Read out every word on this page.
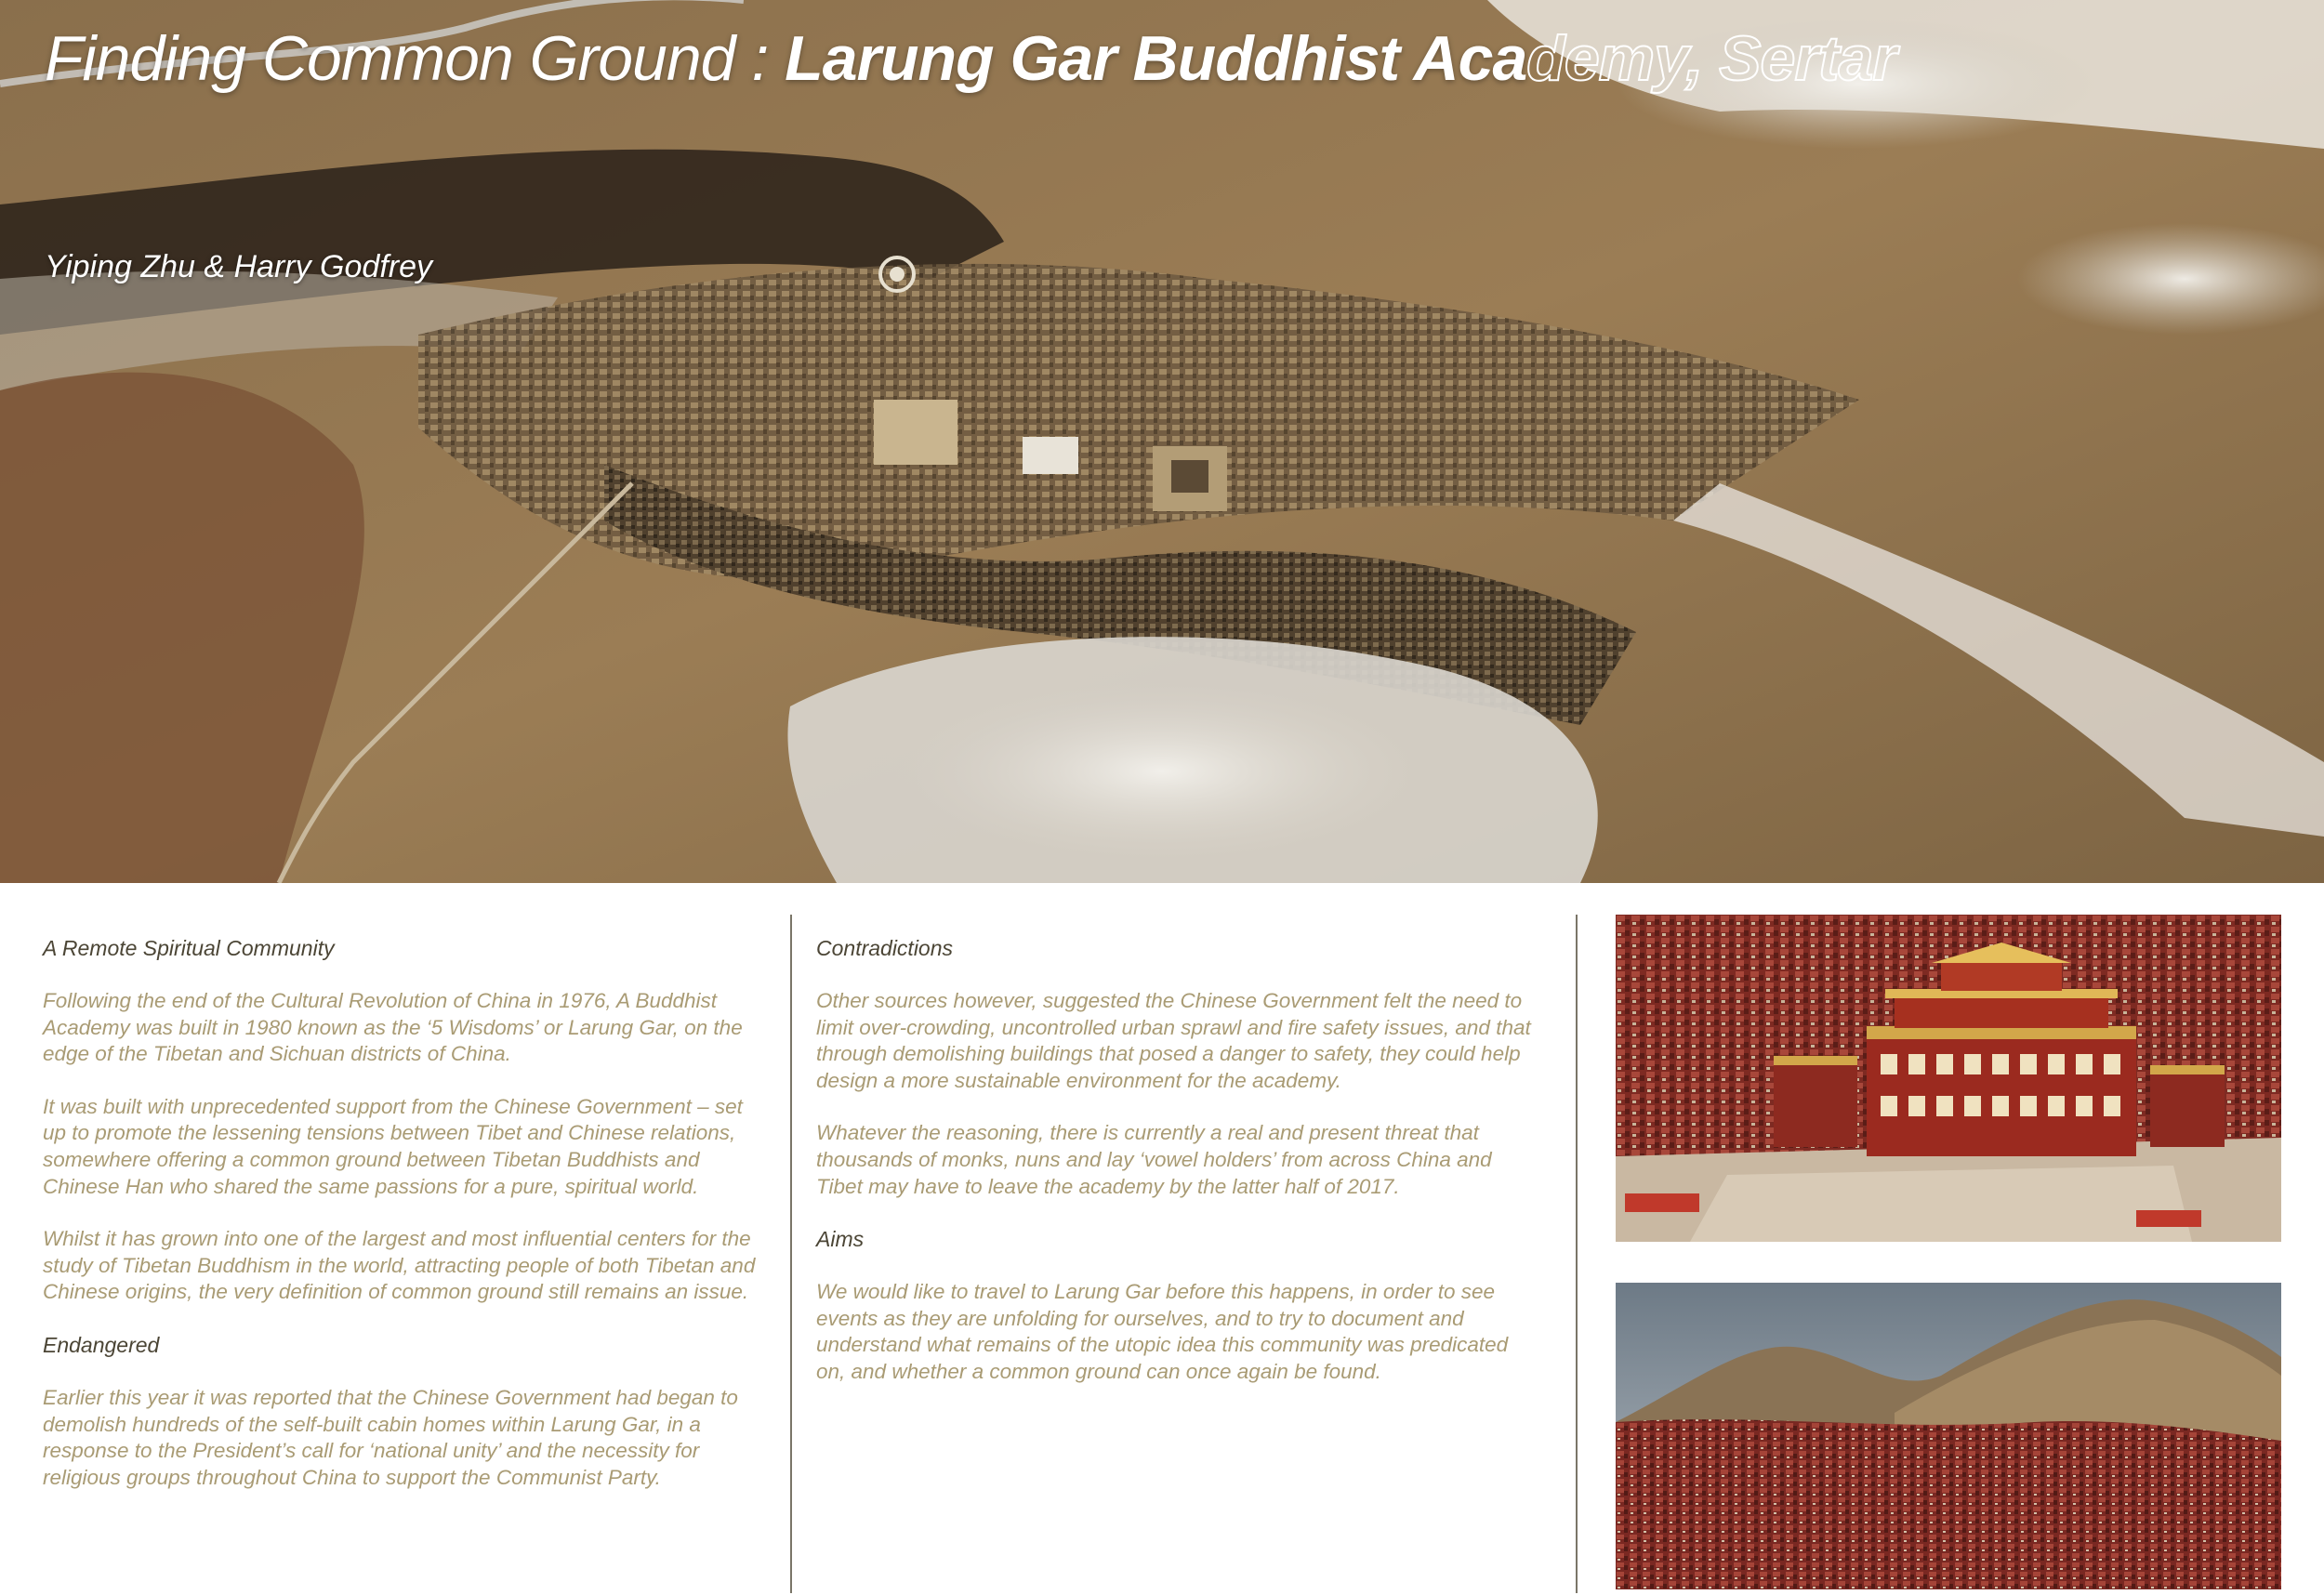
Finding Common Ground : Larung Gar Buddhist Academy, Sertar
Yiping Zhu & Harry Godfrey

A Remote Spiritual Community

Following the end of the Cultural Revolution of China in 1976, A Buddhist Academy was built in 1980 known as the ‘5 Wisdoms’ or Larung Gar, on the edge of the Tibetan and Sichuan districts of China.

It was built with unprecedented support from the Chinese Government – set up to promote the lessening tensions between Tibet and Chinese relations, somewhere offering a common ground between Tibetan Buddhists and Chinese Han who shared the same passions for a pure, spiritual world.

Whilst it has grown into one of the largest and most influential centers for the study of Tibetan Buddhism in the world, attracting people of both Tibetan and Chinese origins, the very definition of common ground still remains an issue.

Endangered

Earlier this year it was reported that the Chinese Government had began to demolish hundreds of the self-built cabin homes within Larung Gar, in a response to the President’s call for ‘national unity’ and the necessity for religious groups throughout China to support the Communist Party.

Contradictions

Other sources however, suggested the Chinese Government felt the need to limit over-crowding, uncontrolled urban sprawl and fire safety issues, and that through demolishing buildings that posed a danger to safety, they could help design a more sustainable environment for the academy.

Whatever the reasoning, there is currently a real and present threat that thousands of monks, nuns and lay ‘vowel holders’ from across China and Tibet may have to leave the academy by the latter half of 2017.

Aims

We would like to travel to Larung Gar before this happens, in order to see events as they are unfolding for ourselves, and to try to document and understand what remains of the utopic idea this community was predicated on, and whether a common ground can once again be found.
